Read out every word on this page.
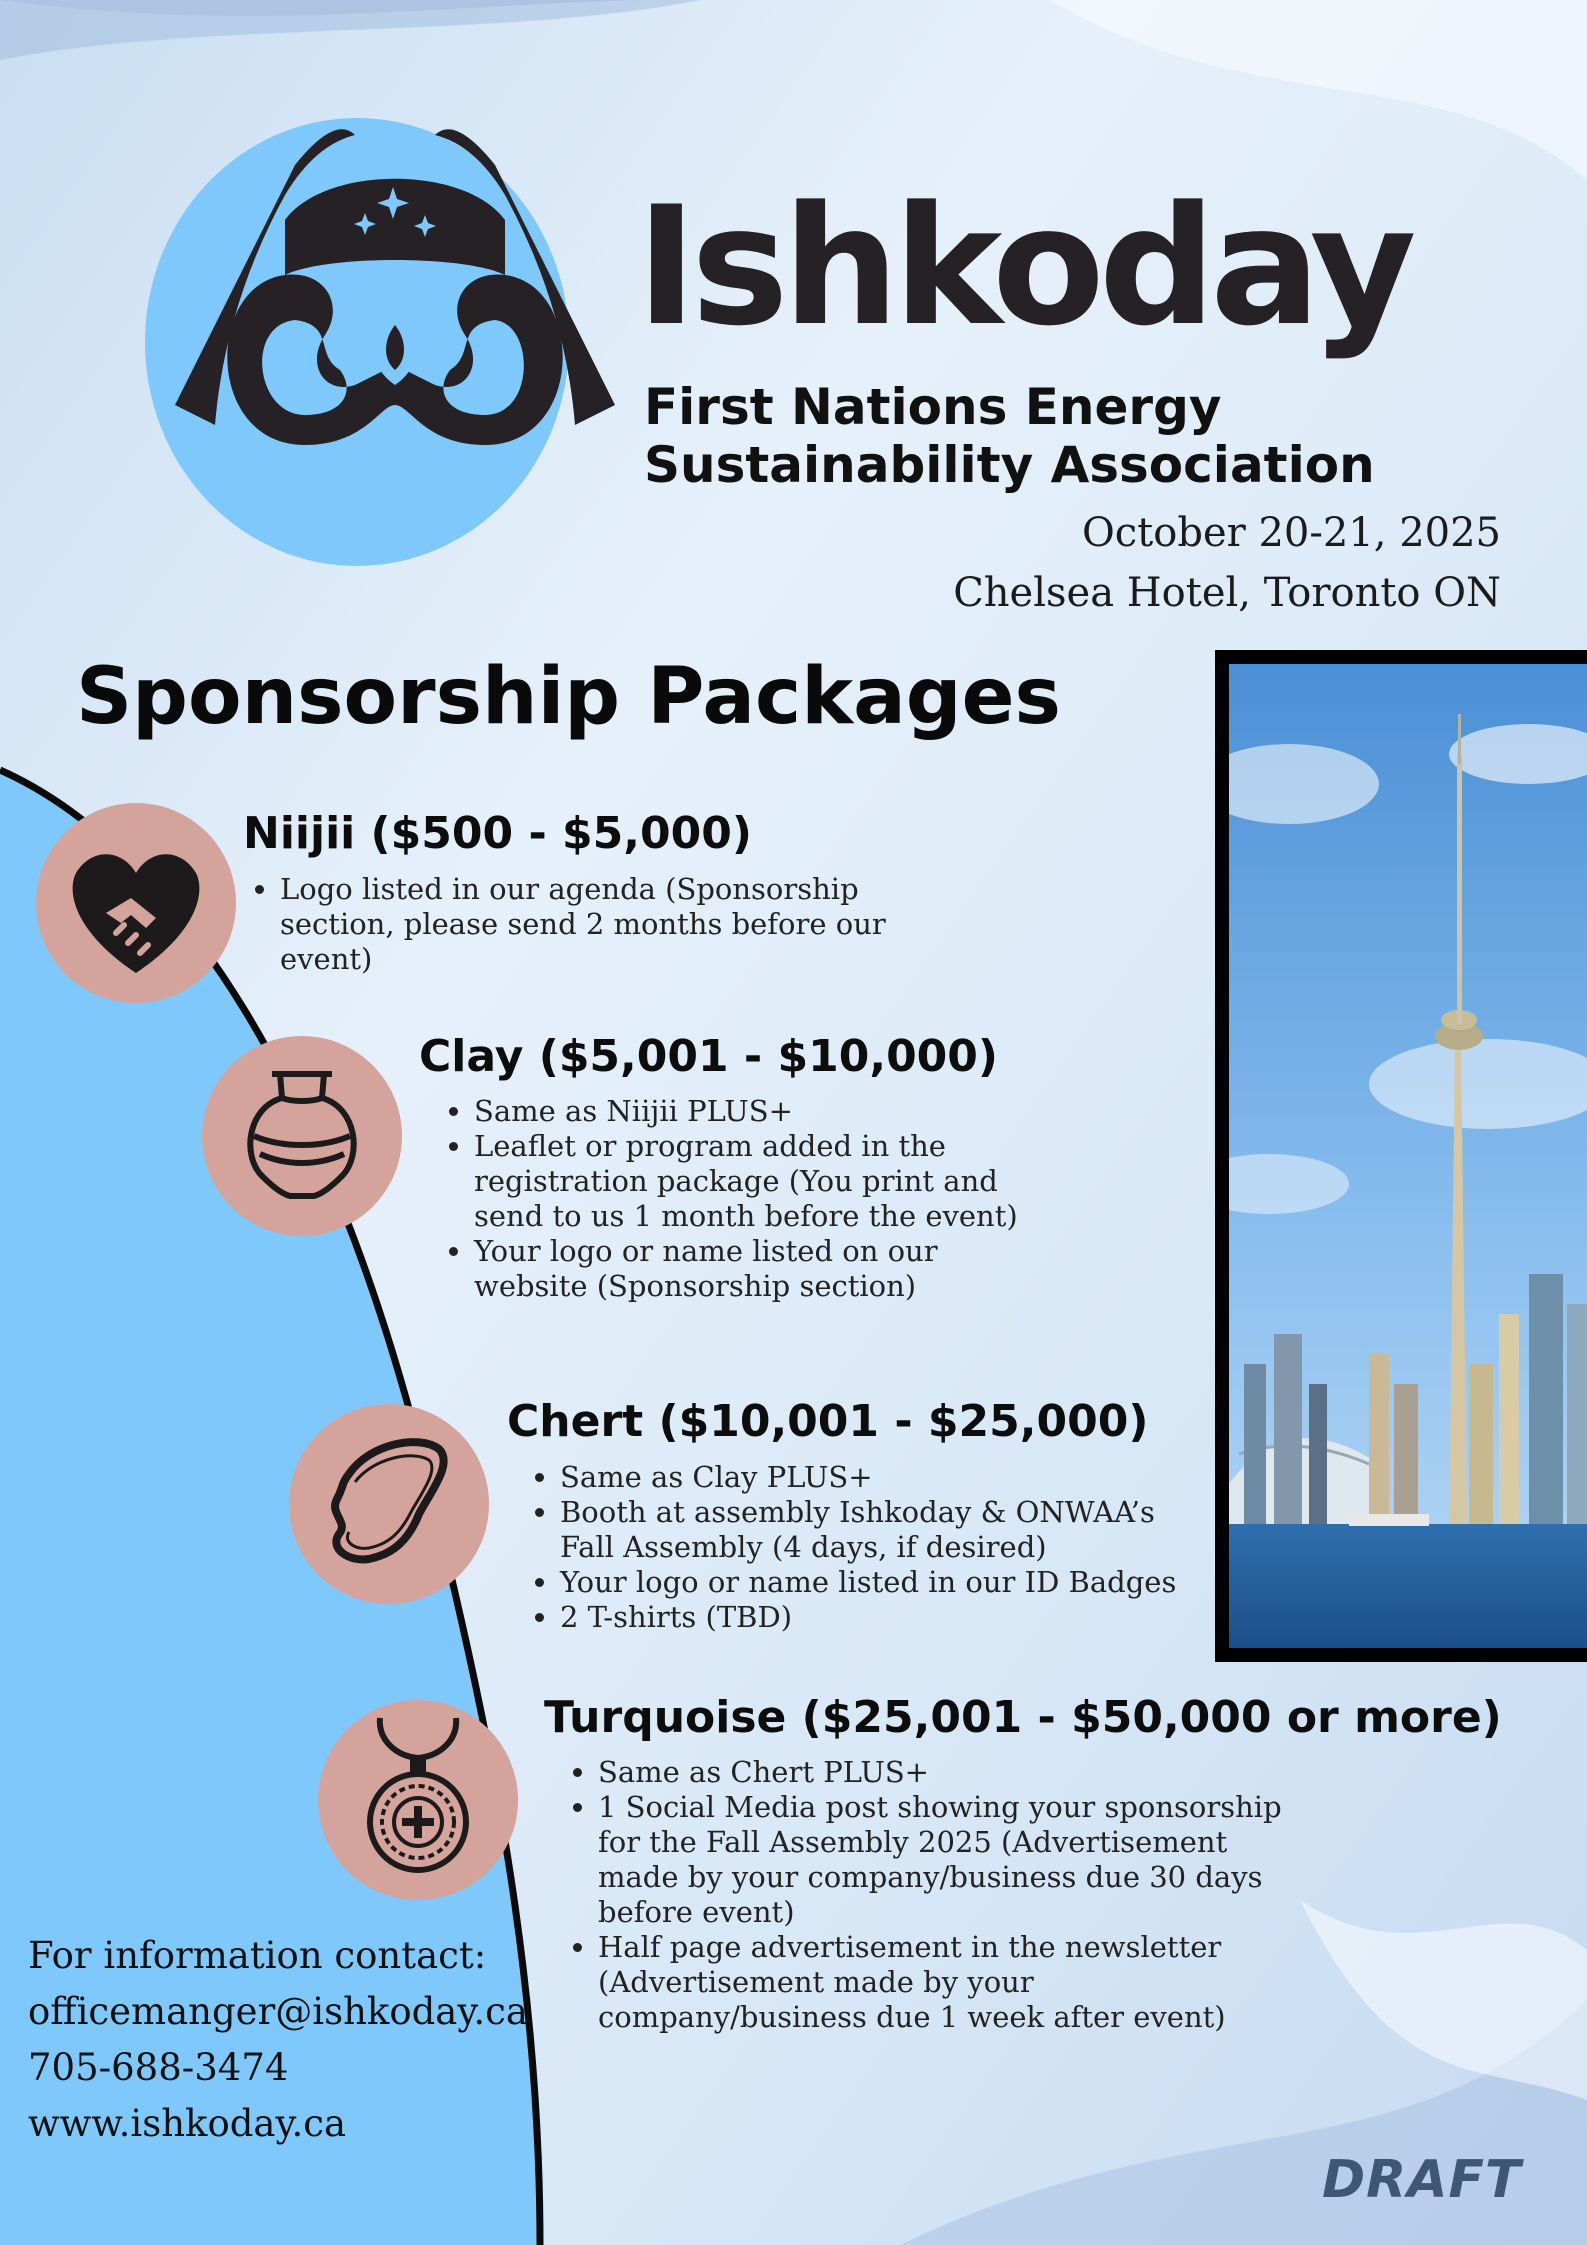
Ishkoday
First Nations Energy
Sustainability Association
October 20-21, 2025
Chelsea Hotel, Toronto ON
Sponsorship Packages
Niijii ($500 - $5,000)
• Logo listed in our agenda (Sponsorship section, please send 2 months before our event)
Clay ($5,001 - $10,000)
• Same as Niijii PLUS+
• Leaflet or program added in the registration package (You print and send to us 1 month before the event)
• Your logo or name listed on our website (Sponsorship section)
Chert ($10,001 - $25,000)
• Same as Clay PLUS+
• Booth at assembly Ishkoday & ONWAA’s Fall Assembly (4 days, if desired)
• Your logo or name listed in our ID Badges
• 2 T-shirts (TBD)
Turquoise ($25,001 - $50,000 or more)
• Same as Chert PLUS+
• 1 Social Media post showing your sponsorship for the Fall Assembly 2025 (Advertisement made by your company/business due 30 days before event)
• Half page advertisement in the newsletter (Advertisement made by your company/business due 1 week after event)
For information contact:
officemanger@ishkoday.ca
705-688-3474
www.ishkoday.ca
DRAFT
